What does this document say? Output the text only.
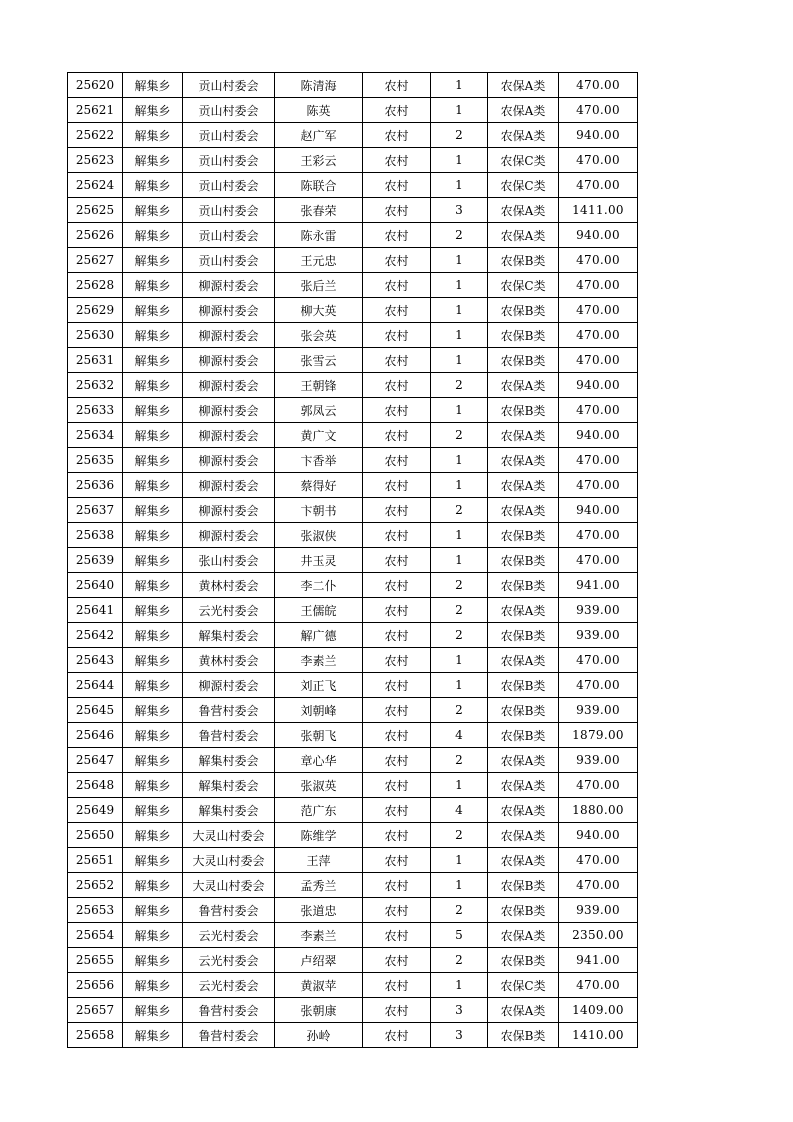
25620	解集乡	贡山村委会	陈清海	农村	1	农保A类	470.00
25621	解集乡	贡山村委会	陈英	农村	1	农保A类	470.00
25622	解集乡	贡山村委会	赵广军	农村	2	农保A类	940.00
25623	解集乡	贡山村委会	王彩云	农村	1	农保C类	470.00
25624	解集乡	贡山村委会	陈联合	农村	1	农保C类	470.00
25625	解集乡	贡山村委会	张春荣	农村	3	农保A类	1411.00
25626	解集乡	贡山村委会	陈永雷	农村	2	农保A类	940.00
25627	解集乡	贡山村委会	王元忠	农村	1	农保B类	470.00
25628	解集乡	柳源村委会	张后兰	农村	1	农保C类	470.00
25629	解集乡	柳源村委会	柳大英	农村	1	农保B类	470.00
25630	解集乡	柳源村委会	张会英	农村	1	农保B类	470.00
25631	解集乡	柳源村委会	张雪云	农村	1	农保B类	470.00
25632	解集乡	柳源村委会	王朝锋	农村	2	农保A类	940.00
25633	解集乡	柳源村委会	郭凤云	农村	1	农保B类	470.00
25634	解集乡	柳源村委会	黄广文	农村	2	农保A类	940.00
25635	解集乡	柳源村委会	卞香举	农村	1	农保A类	470.00
25636	解集乡	柳源村委会	蔡得好	农村	1	农保A类	470.00
25637	解集乡	柳源村委会	卞朝书	农村	2	农保A类	940.00
25638	解集乡	柳源村委会	张淑侠	农村	1	农保B类	470.00
25639	解集乡	张山村委会	井玉灵	农村	1	农保B类	470.00
25640	解集乡	黄林村委会	李二仆	农村	2	农保B类	941.00
25641	解集乡	云光村委会	王儒皖	农村	2	农保A类	939.00
25642	解集乡	解集村委会	解广德	农村	2	农保B类	939.00
25643	解集乡	黄林村委会	李素兰	农村	1	农保A类	470.00
25644	解集乡	柳源村委会	刘正飞	农村	1	农保B类	470.00
25645	解集乡	鲁营村委会	刘朝峰	农村	2	农保B类	939.00
25646	解集乡	鲁营村委会	张朝飞	农村	4	农保B类	1879.00
25647	解集乡	解集村委会	章心华	农村	2	农保A类	939.00
25648	解集乡	解集村委会	张淑英	农村	1	农保A类	470.00
25649	解集乡	解集村委会	范广东	农村	4	农保A类	1880.00
25650	解集乡	大灵山村委会	陈维学	农村	2	农保A类	940.00
25651	解集乡	大灵山村委会	王萍	农村	1	农保A类	470.00
25652	解集乡	大灵山村委会	孟秀兰	农村	1	农保B类	470.00
25653	解集乡	鲁营村委会	张道忠	农村	2	农保B类	939.00
25654	解集乡	云光村委会	李素兰	农村	5	农保A类	2350.00
25655	解集乡	云光村委会	卢绍翠	农村	2	农保B类	941.00
25656	解集乡	云光村委会	黄淑苹	农村	1	农保C类	470.00
25657	解集乡	鲁营村委会	张朝康	农村	3	农保A类	1409.00
25658	解集乡	鲁营村委会	孙岭	农村	3	农保B类	1410.00
